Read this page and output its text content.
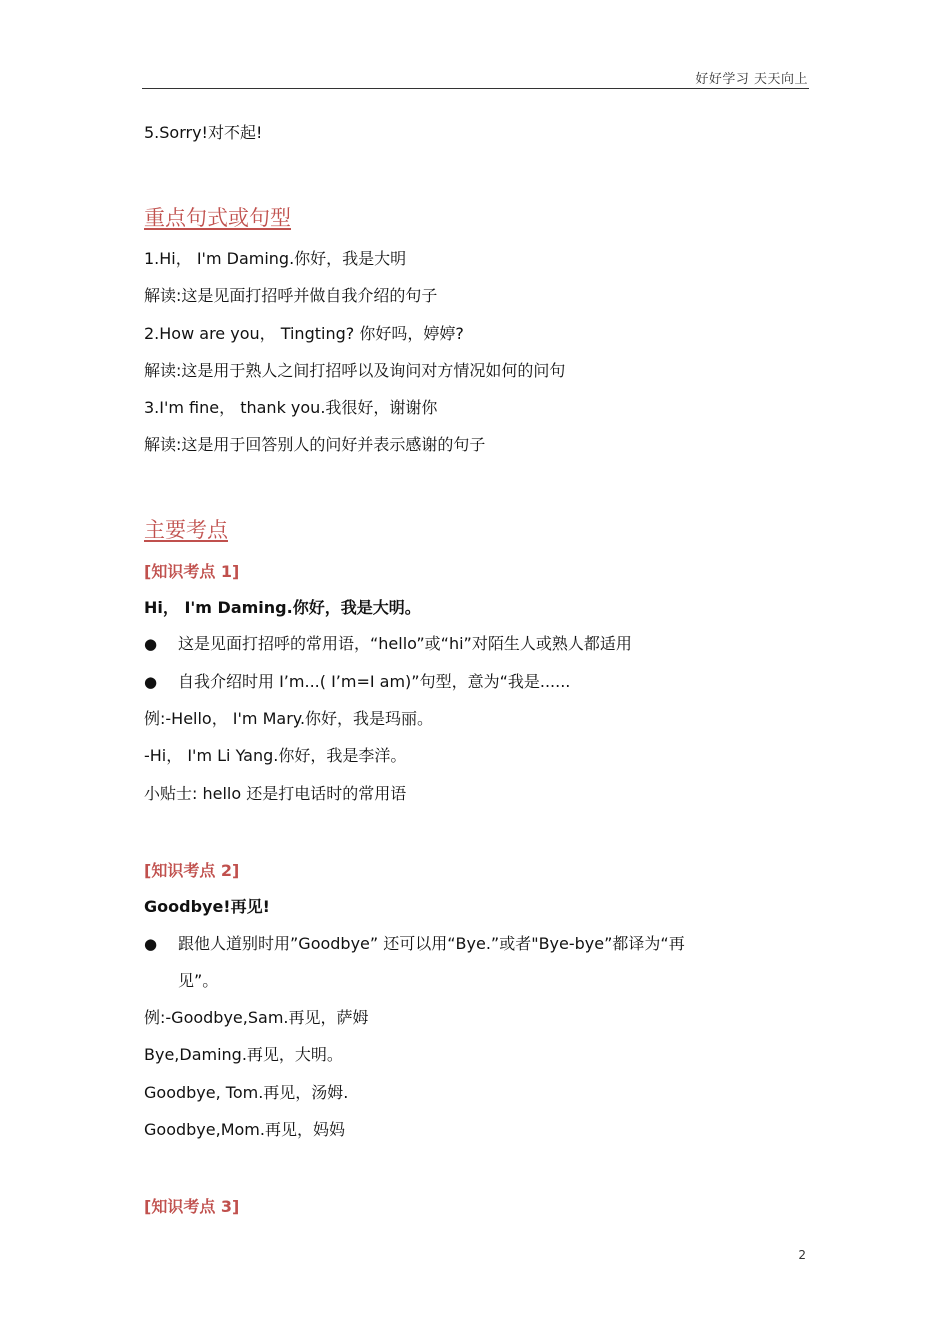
好好学习 天天向上
5.Sorry!对不起!
重点句式或句型
1.Hi， I'm Daming.你好，我是大明
解读:这是见面打招呼并做自我介绍的句子
2.How are you， Tingting? 你好吗，婷婷?
解读:这是用于熟人之间打招呼以及询问对方情况如何的问句
3.I'm fine， thank you.我很好，谢谢你
解读:这是用于回答别人的问好并表示感谢的句子
主要考点
[知识考点 1]
Hi， I'm Daming.你好，我是大明。
● 这是见面打招呼的常用语，“hello”或“hi”对陌生人或熟人都适用
● 自我介绍时用 I’m...( I’m=I am)”句型，意为“我是......
例:-Hello， I'm Mary.你好，我是玛丽。
-Hi， I'm Li Yang.你好，我是李洋。
小贴士: hello 还是打电话时的常用语
[知识考点 2]
Goodbye!再见!
● 跟他人道别时用”Goodbye” 还可以用“Bye.”或者"Bye-bye”都译为“再
见”。
例:-Goodbye,Sam.再见，萨姆
Bye,Daming.再见，大明。
Goodbye, Tom.再见，汤姆.
Goodbye,Mom.再见，妈妈
[知识考点 3]
2
